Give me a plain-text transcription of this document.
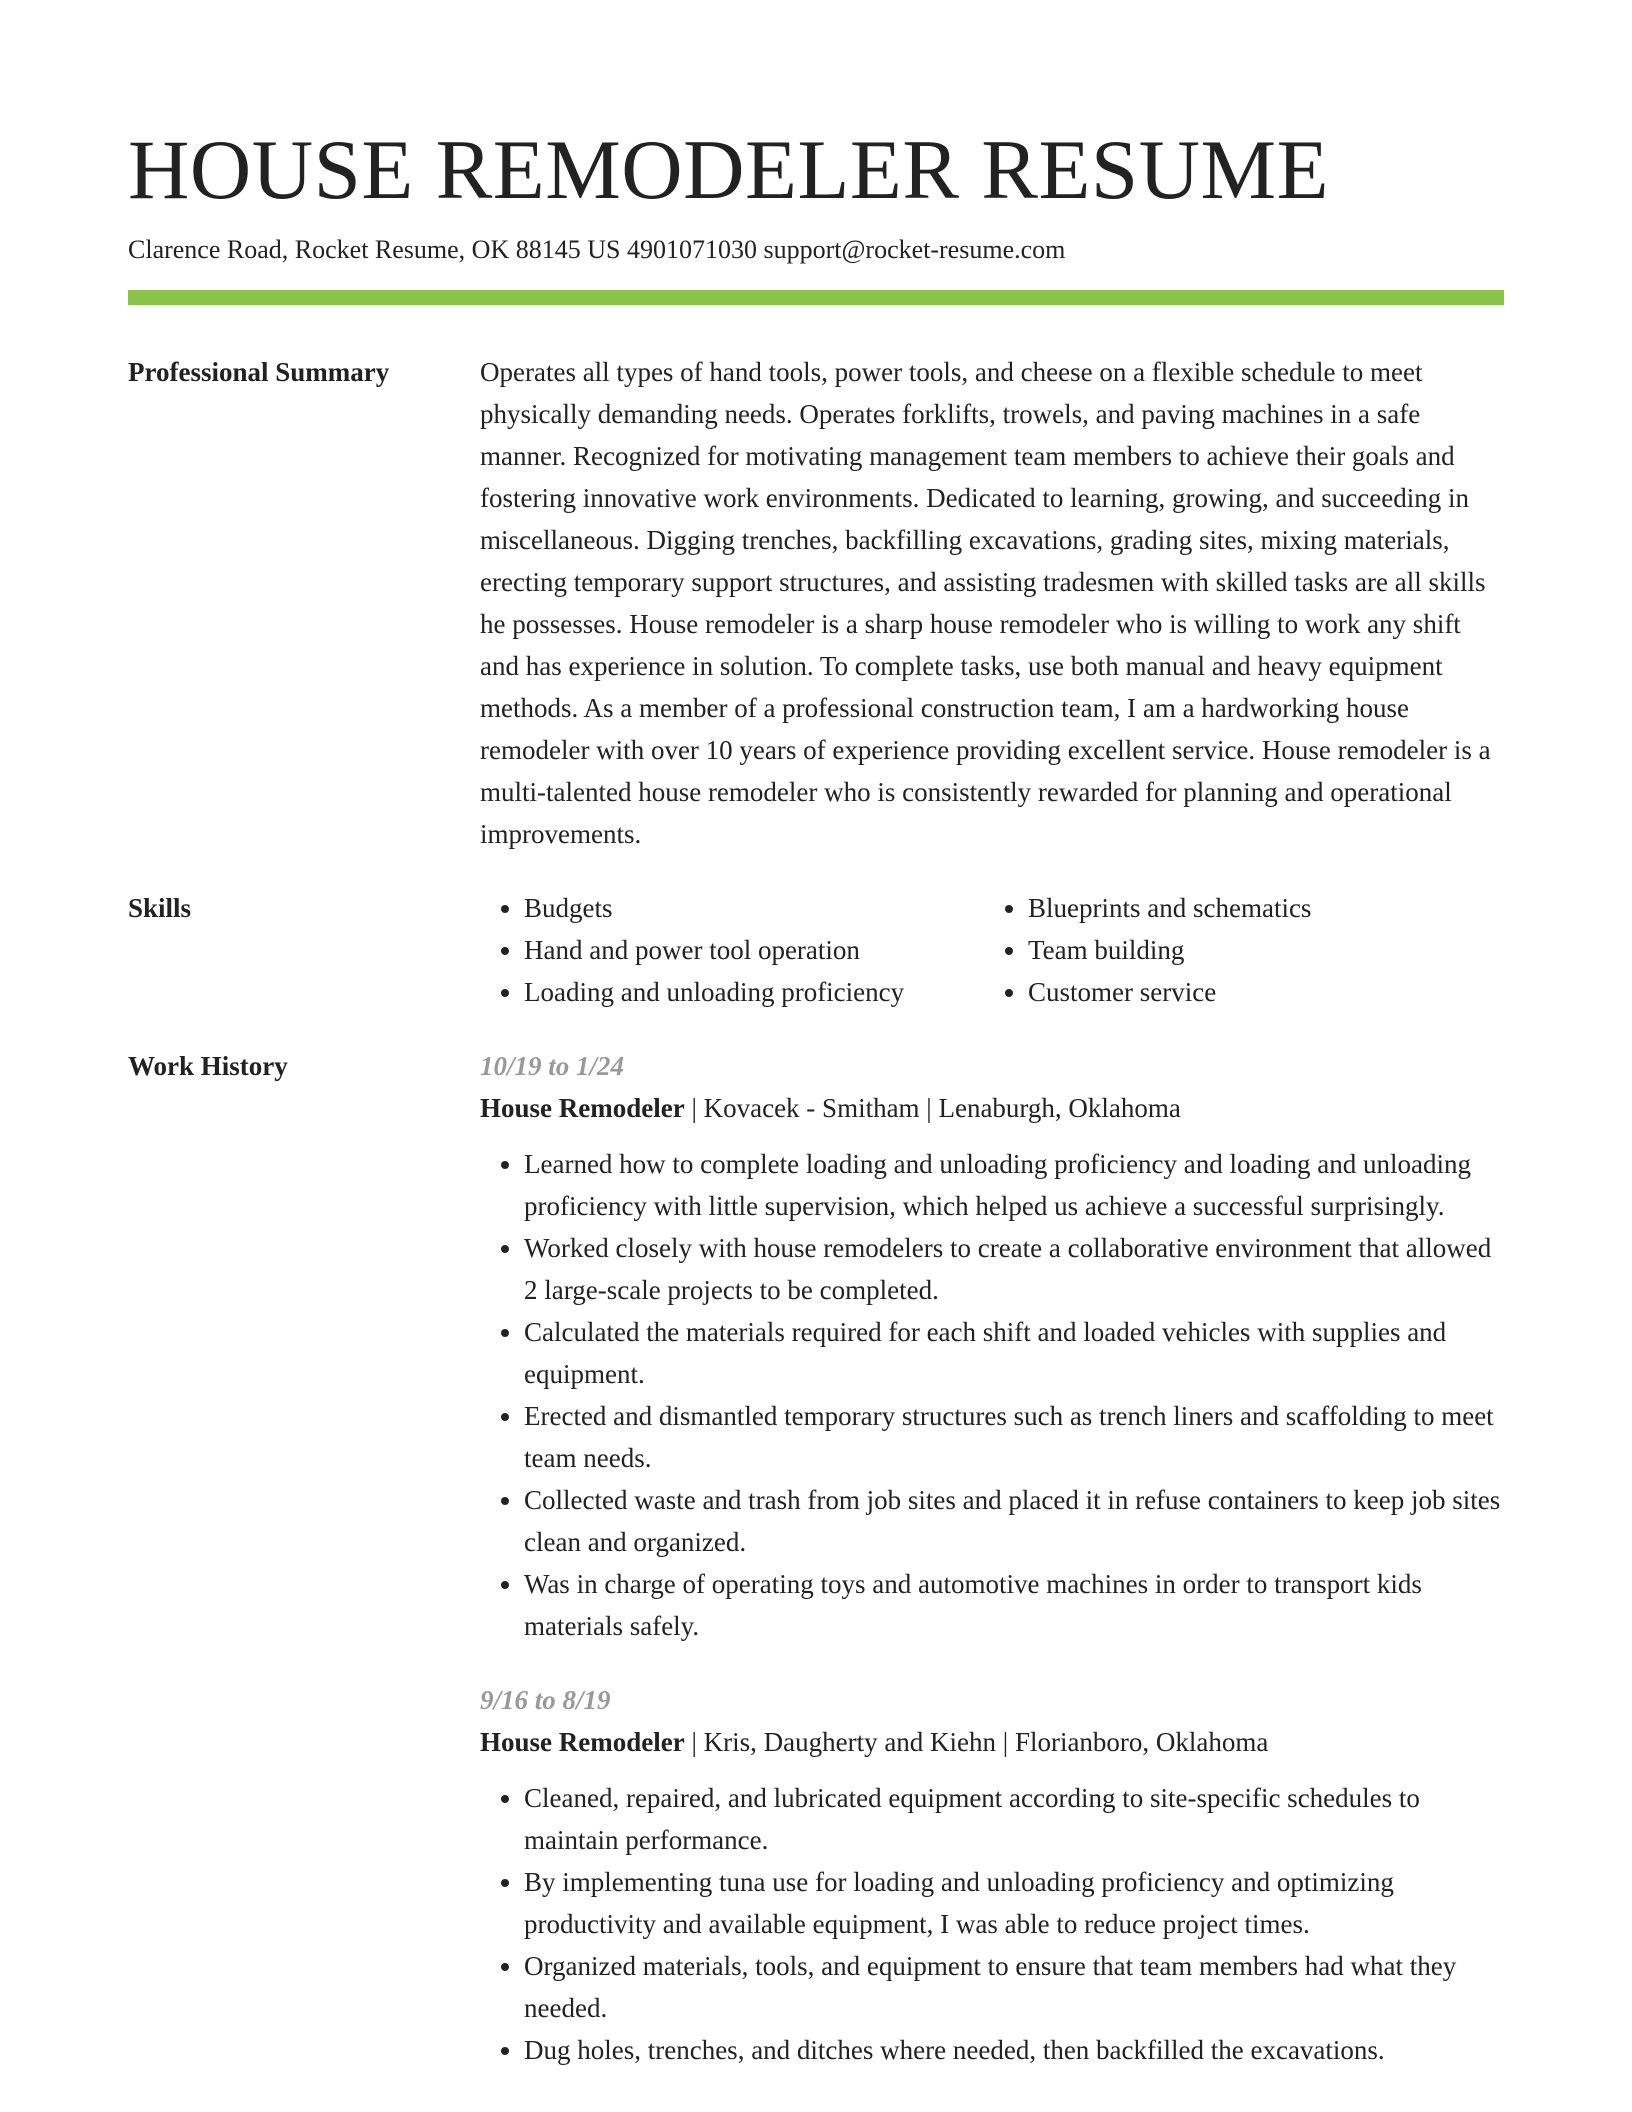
HOUSE REMODELER RESUME
Clarence Road, Rocket Resume, OK 88145 US 4901071030 support@rocket-resume.com
Professional Summary	Operates all types of hand tools, power tools, and cheese on a flexible schedule to meet physically demanding needs. Operates forklifts, trowels, and paving machines in a safe manner. Recognized for motivating management team members to achieve their goals and fostering innovative work environments. Dedicated to learning, growing, and succeeding in miscellaneous. Digging trenches, backfilling excavations, grading sites, mixing materials, erecting temporary support structures, and assisting tradesmen with skilled tasks are all skills he possesses. House remodeler is a sharp house remodeler who is willing to work any shift and has experience in solution. To complete tasks, use both manual and heavy equipment methods. As a member of a professional construction team, I am a hardworking house remodeler with over 10 years of experience providing excellent service. House remodeler is a multi-talented house remodeler who is consistently rewarded for planning and operational improvements.

Skills
•	Budgets
• Hand and power tool operation
• Loading and unloading proficiency
• Blueprints and schematics
• Team building
• Customer service
Work History	10/19 to 1/24
House Remodeler | Kovacek - Smitham | Lenaburgh, Oklahoma
• Learned how to complete loading and unloading proficiency and loading and unloading proficiency with little supervision, which helped us achieve a successful surprisingly.
• Worked closely with house remodelers to create a collaborative environment that allowed 2 large-scale projects to be completed.
• Calculated the materials required for each shift and loaded vehicles with supplies and equipment.
• Erected and dismantled temporary structures such as trench liners and scaffolding to meet team needs.
• Collected waste and trash from job sites and placed it in refuse containers to keep job sites clean and organized.
• Was in charge of operating toys and automotive machines in order to transport kids materials safely.
9/16 to 8/19
House Remodeler | Kris, Daugherty and Kiehn | Florianboro, Oklahoma
• Cleaned, repaired, and lubricated equipment according to site-specific schedules to maintain performance.
• By implementing tuna use for loading and unloading proficiency and optimizing productivity and available equipment, I was able to reduce project times.
• Organized materials, tools, and equipment to ensure that team members had what they needed.
• Dug holes, trenches, and ditches where needed, then backfilled the excavations.
